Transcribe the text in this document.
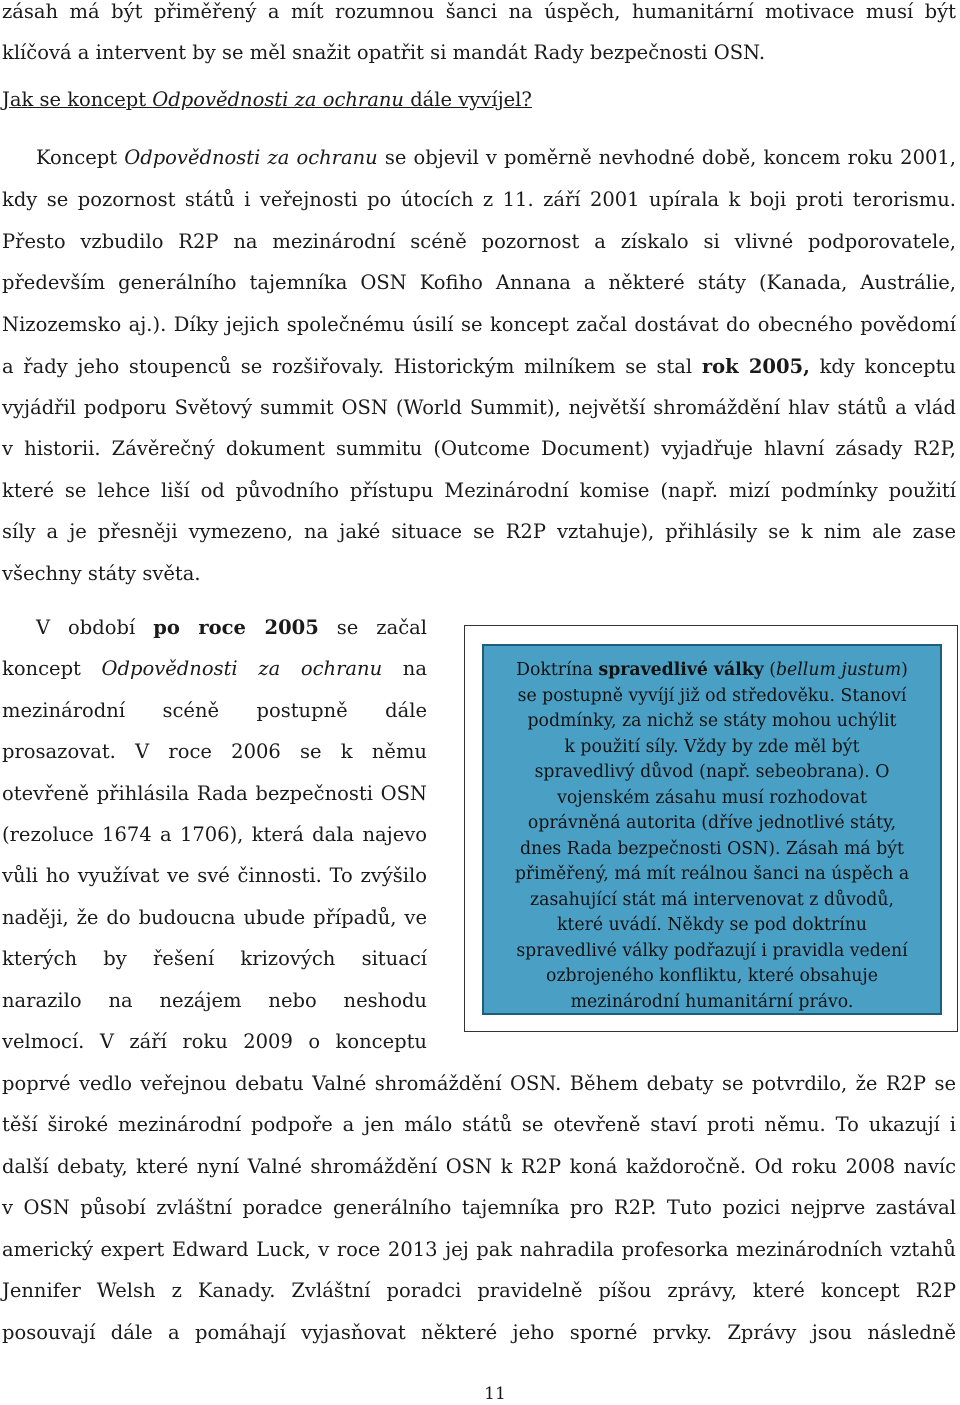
zásah má být přiměřený a mít rozumnou šanci na úspěch, humanitární motivace musí být
klíčová a intervent by se měl snažit opatřit si mandát Rady bezpečnosti OSN.
Jak se koncept Odpovědnosti za ochranu dále vyvíjel?
Koncept Odpovědnosti za ochranu se objevil v poměrně nevhodné době, koncem roku 2001,
kdy se pozornost států i veřejnosti po útocích z 11. září 2001 upírala k boji proti terorismu.
Přesto vzbudilo R2P na mezinárodní scéně pozornost a získalo si vlivné podporovatele,
především generálního tajemníka OSN Kofiho Annana a některé státy (Kanada, Austrálie,
Nizozemsko aj.). Díky jejich společnému úsilí se koncept začal dostávat do obecného povědomí
a řady jeho stoupenců se rozšiřovaly. Historickým milníkem se stal rok 2005, kdy konceptu
vyjádřil podporu Světový summit OSN (World Summit), největší shromáždění hlav států a vlád
v historii. Závěrečný dokument summitu (Outcome Document) vyjadřuje hlavní zásady R2P,
které se lehce liší od původního přístupu Mezinárodní komise (např. mizí podmínky použití
síly a je přesněji vymezeno, na jaké situace se R2P vztahuje), přihlásily se k nim ale zase
všechny státy světa.
V období po roce 2005 se začal
koncept Odpovědnosti za ochranu na
mezinárodní scéně postupně dále
prosazovat. V roce 2006 se k němu
otevřeně přihlásila Rada bezpečnosti OSN
(rezoluce 1674 a 1706), která dala najevo
vůli ho využívat ve své činnosti. To zvýšilo
naději, že do budoucna ubude případů, ve
kterých by řešení krizových situací
narazilo na nezájem nebo neshodu
velmocí. V září roku 2009 o konceptu
poprvé vedlo veřejnou debatu Valné shromáždění OSN. Během debaty se potvrdilo, že R2P se
těší široké mezinárodní podpoře a jen málo států se otevřeně staví proti němu. To ukazují i
další debaty, které nyní Valné shromáždění OSN k R2P koná každoročně. Od roku 2008 navíc
v OSN působí zvláštní poradce generálního tajemníka pro R2P. Tuto pozici nejprve zastával
americký expert Edward Luck, v roce 2013 jej pak nahradila profesorka mezinárodních vztahů
Jennifer Welsh z Kanady. Zvláštní poradci pravidelně píšou zprávy, které koncept R2P
posouvají dále a pomáhají vyjasňovat některé jeho sporné prvky. Zprávy jsou následně
Doktrína spravedlivé války (bellum justum)
se postupně vyvíjí již od středověku. Stanoví
podmínky, za nichž se státy mohou uchýlit
k použití síly. Vždy by zde měl být
spravedlivý důvod (např. sebeobrana). O
vojenském zásahu musí rozhodovat
oprávněná autorita (dříve jednotlivé státy,
dnes Rada bezpečnosti OSN). Zásah má být
přiměřený, má mít reálnou šanci na úspěch a
zasahující stát má intervenovat z důvodů,
které uvádí. Někdy se pod doktrínu
spravedlivé války podřazují i pravidla vedení
ozbrojeného konfliktu, které obsahuje
mezinárodní humanitární právo.
11
